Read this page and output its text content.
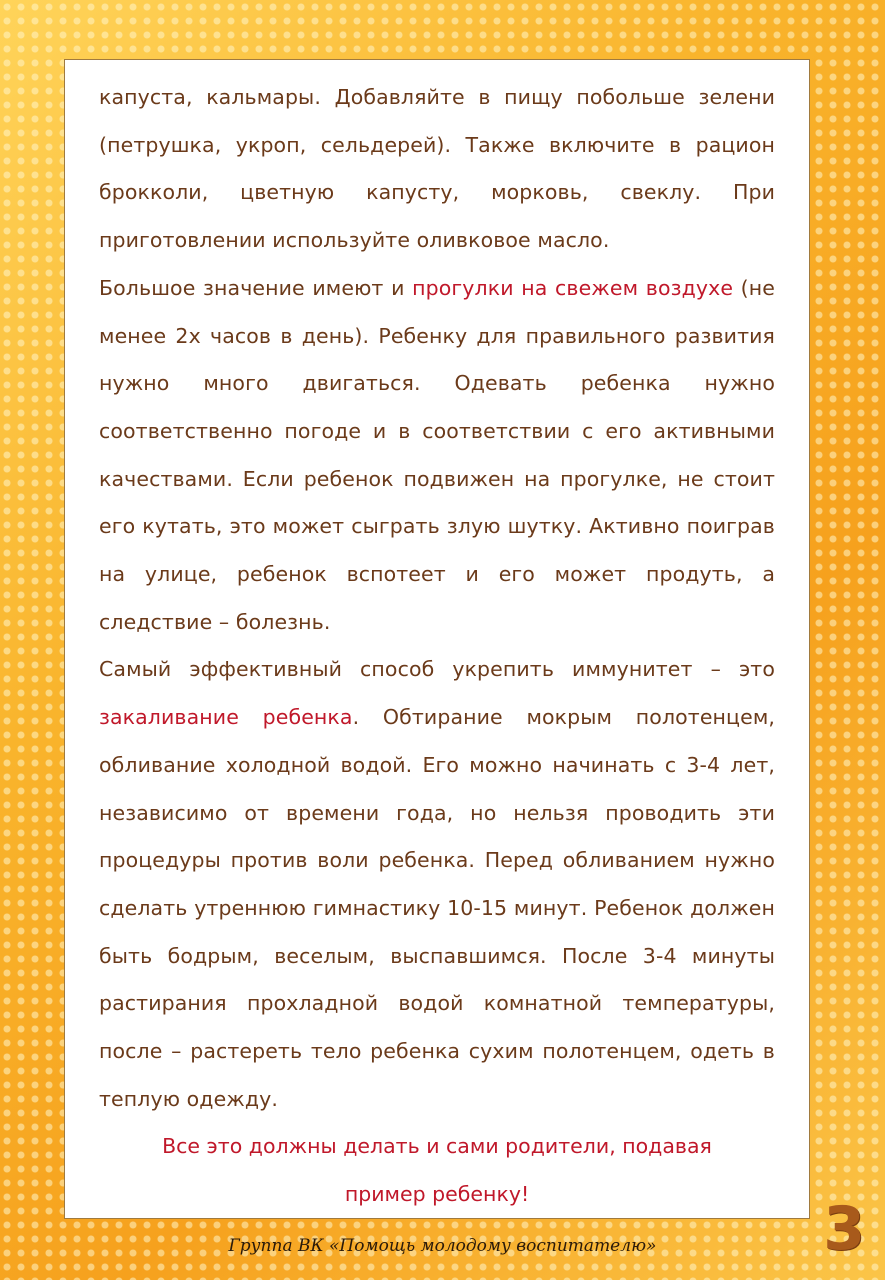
капуста, кальмары. Добавляйте в пищу побольше зелени (петрушка, укроп, сельдерей). Также включите в рацион брокколи, цветную капусту, морковь, свеклу. При приготовлении используйте оливковое масло.

Большое значение имеют и прогулки на свежем воздухе (не менее 2х часов в день). Ребенку для правильного развития нужно много двигаться. Одевать ребенка нужно соответственно погоде и в соответствии с его активными качествами. Если ребенок подвижен на прогулке, не стоит его кутать, это может сыграть злую шутку. Активно поиграв на улице, ребенок вспотеет и его может продуть, а следствие – болезнь.

Самый эффективный способ укрепить иммунитет – это закаливание ребенка. Обтирание мокрым полотенцем, обливание холодной водой. Его можно начинать с 3-4 лет, независимо от времени года, но нельзя проводить эти процедуры против воли ребенка. Перед обливанием нужно сделать утреннюю гимнастику 10-15 минут. Ребенок должен быть бодрым, веселым, выспавшимся. После 3-4 минуты растирания прохладной водой комнатной температуры, после – растереть тело ребенка сухим полотенцем, одеть в теплую одежду.

Все это должны делать и сами родители, подавая
пример ребенку!	3
Группа ВК «Помощь молодому воспитателю»
